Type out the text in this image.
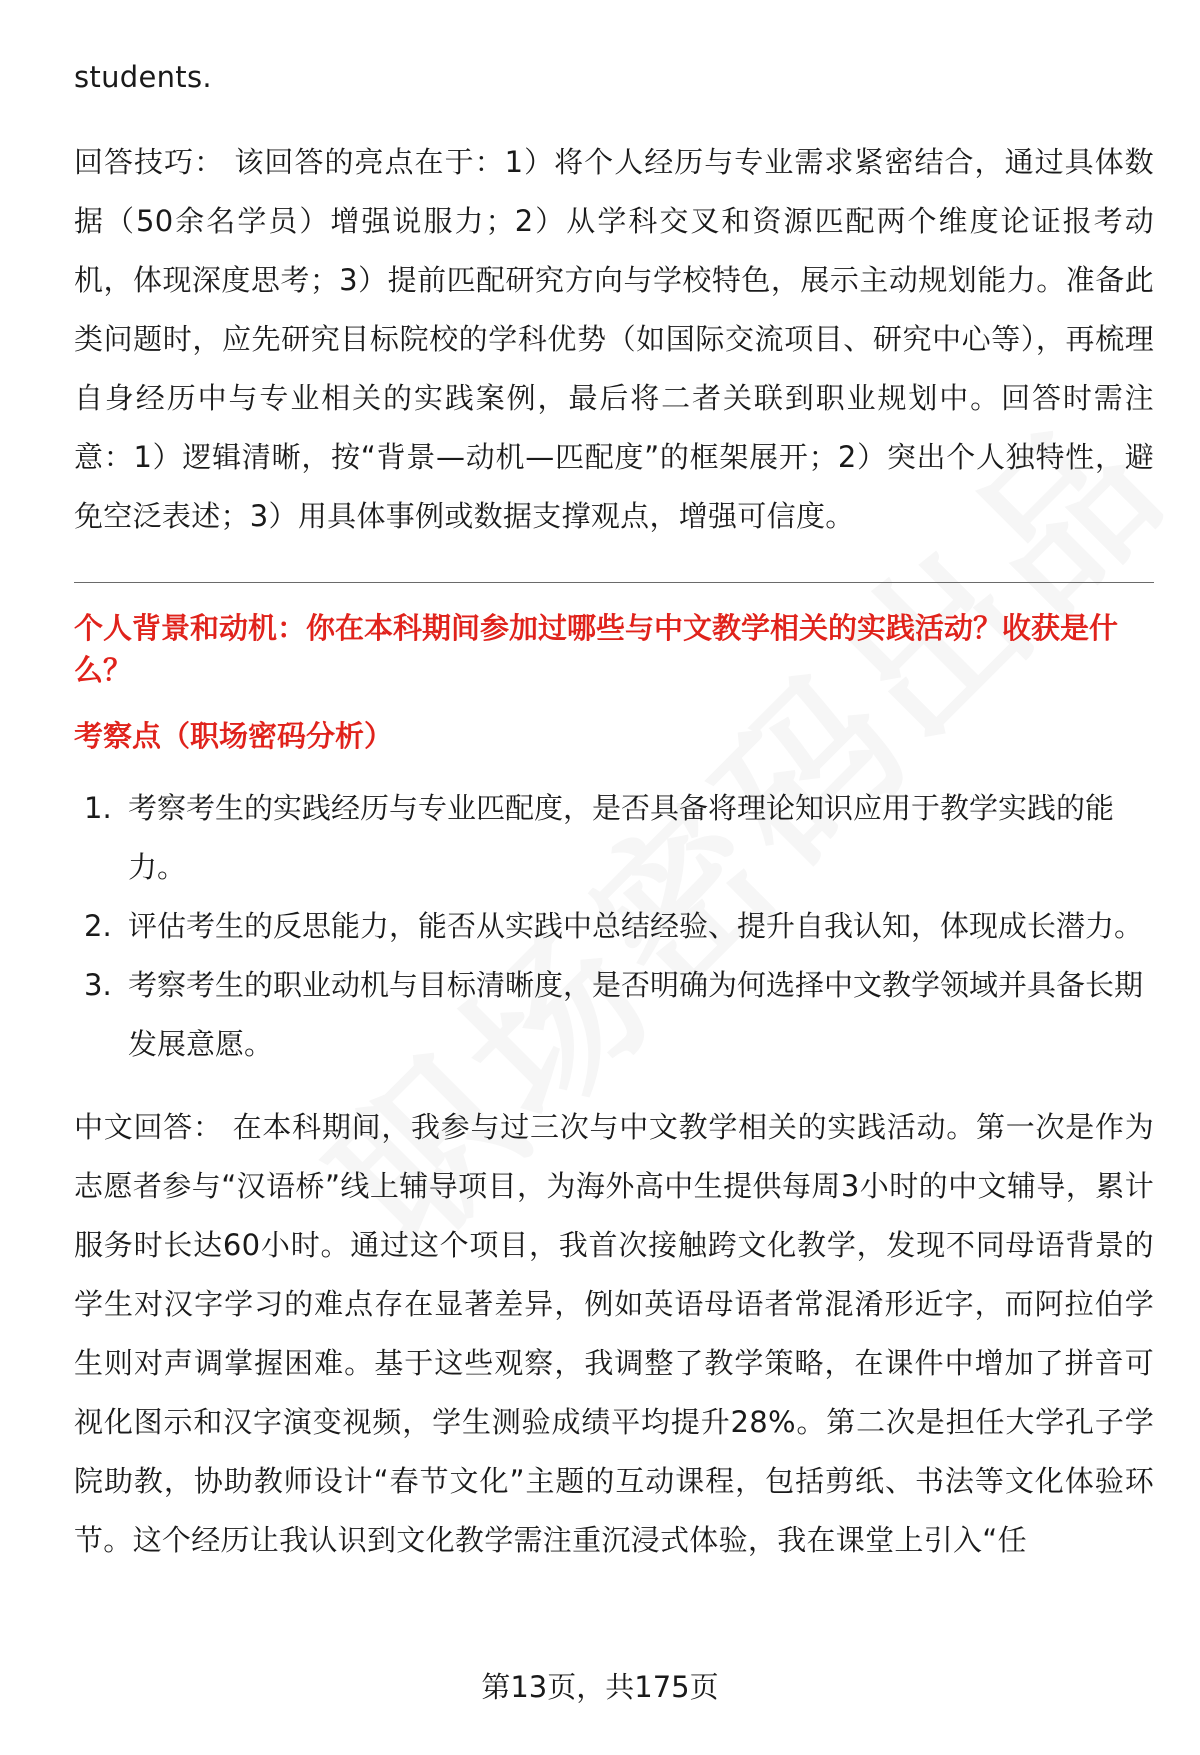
students.

回答技巧： 该回答的亮点在于：1）将个人经历与专业需求紧密结合，通过具体数据（50余名学员）增强说服力；2）从学科交叉和资源匹配两个维度论证报考动机，体现深度思考；3）提前匹配研究方向与学校特色，展示主动规划能力。准备此类问题时，应先研究目标院校的学科优势（如国际交流项目、研究中心等），再梳理自身经历中与专业相关的实践案例，最后将二者关联到职业规划中。回答时需注意：1）逻辑清晰，按“背景—动机—匹配度”的框架展开；2）突出个人独特性，避免空泛表述；3）用具体事例或数据支撑观点，增强可信度。

个人背景和动机：你在本科期间参加过哪些与中文教学相关的实践活动？收获是什么？
考察点（职场密码分析）
1. 考察考生的实践经历与专业匹配度，是否具备将理论知识应用于教学实践的能力。
2. 评估考生的反思能力，能否从实践中总结经验、提升自我认知，体现成长潜力。
3. 考察考生的职业动机与目标清晰度，是否明确为何选择中文教学领域并具备长期发展意愿。

中文回答： 在本科期间，我参与过三次与中文教学相关的实践活动。第一次是作为志愿者参与“汉语桥”线上辅导项目，为海外高中生提供每周3小时的中文辅导，累计服务时长达60小时。通过这个项目，我首次接触跨文化教学，发现不同母语背景的学生对汉字学习的难点存在显著差异，例如英语母语者常混淆形近字，而阿拉伯学生则对声调掌握困难。基于这些观察，我调整了教学策略，在课件中增加了拼音可视化图示和汉字演变视频，学生测验成绩平均提升28%。第二次是担任大学孔子学院助教，协助教师设计“春节文化”主题的互动课程，包括剪纸、书法等文化体验环节。这个经历让我认识到文化教学需注重沉浸式体验，我在课堂上引入“任

第13页，共175页
